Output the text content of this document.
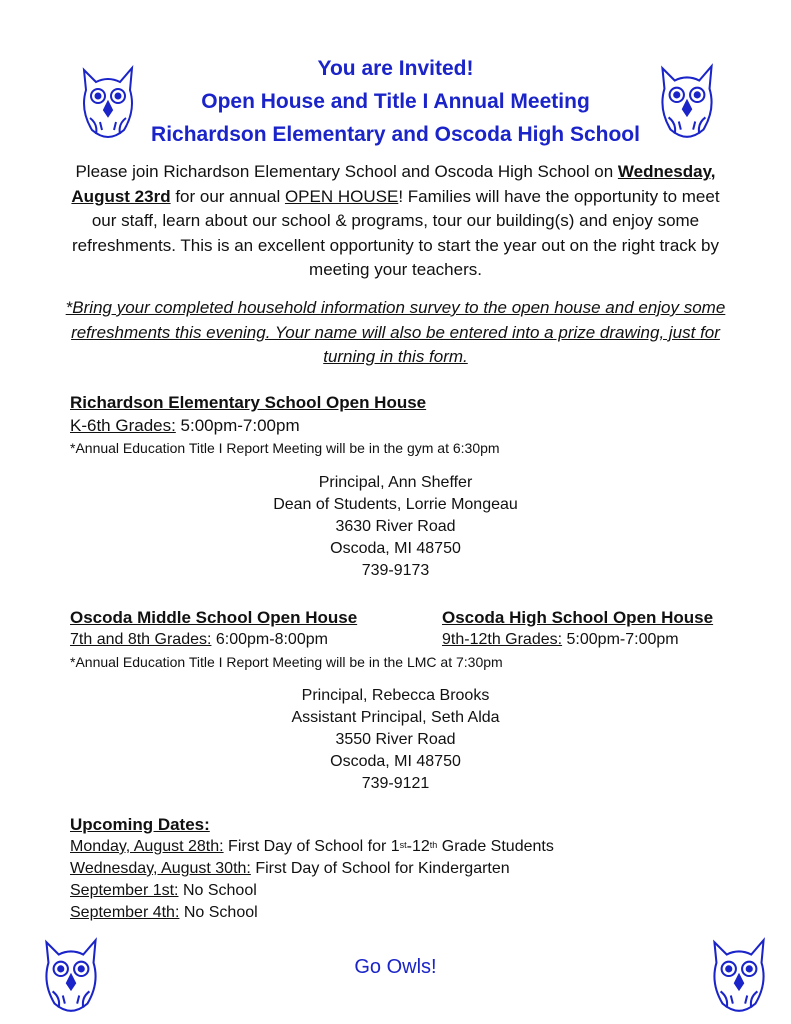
You are Invited!
Open House and Title I Annual Meeting
Richardson Elementary and Oscoda High School
Please join Richardson Elementary School and Oscoda High School on Wednesday, August 23rd for our annual OPEN HOUSE! Families will have the opportunity to meet our staff, learn about our school & programs, tour our building(s) and enjoy some refreshments. This is an excellent opportunity to start the year out on the right track by meeting your teachers.
*Bring your completed household information survey to the open house and enjoy some refreshments this evening. Your name will also be entered into a prize drawing, just for turning in this form.
Richardson Elementary School Open House
K-6th Grades: 5:00pm-7:00pm
*Annual Education Title I Report Meeting will be in the gym at 6:30pm
Principal, Ann Sheffer
Dean of Students, Lorrie Mongeau
3630 River Road
Oscoda, MI 48750
739-9173
Oscoda Middle School Open House
7th and 8th Grades: 6:00pm-8:00pm
Oscoda High School Open House
9th-12th Grades: 5:00pm-7:00pm
*Annual Education Title I Report Meeting will be in the LMC at 7:30pm
Principal, Rebecca Brooks
Assistant Principal, Seth Alda
3550 River Road
Oscoda, MI 48750
739-9121
Upcoming Dates:
Monday, August 28th: First Day of School for 1st-12th Grade Students
Wednesday, August 30th: First Day of School for Kindergarten
September 1st: No School
September 4th: No School
Go Owls!
